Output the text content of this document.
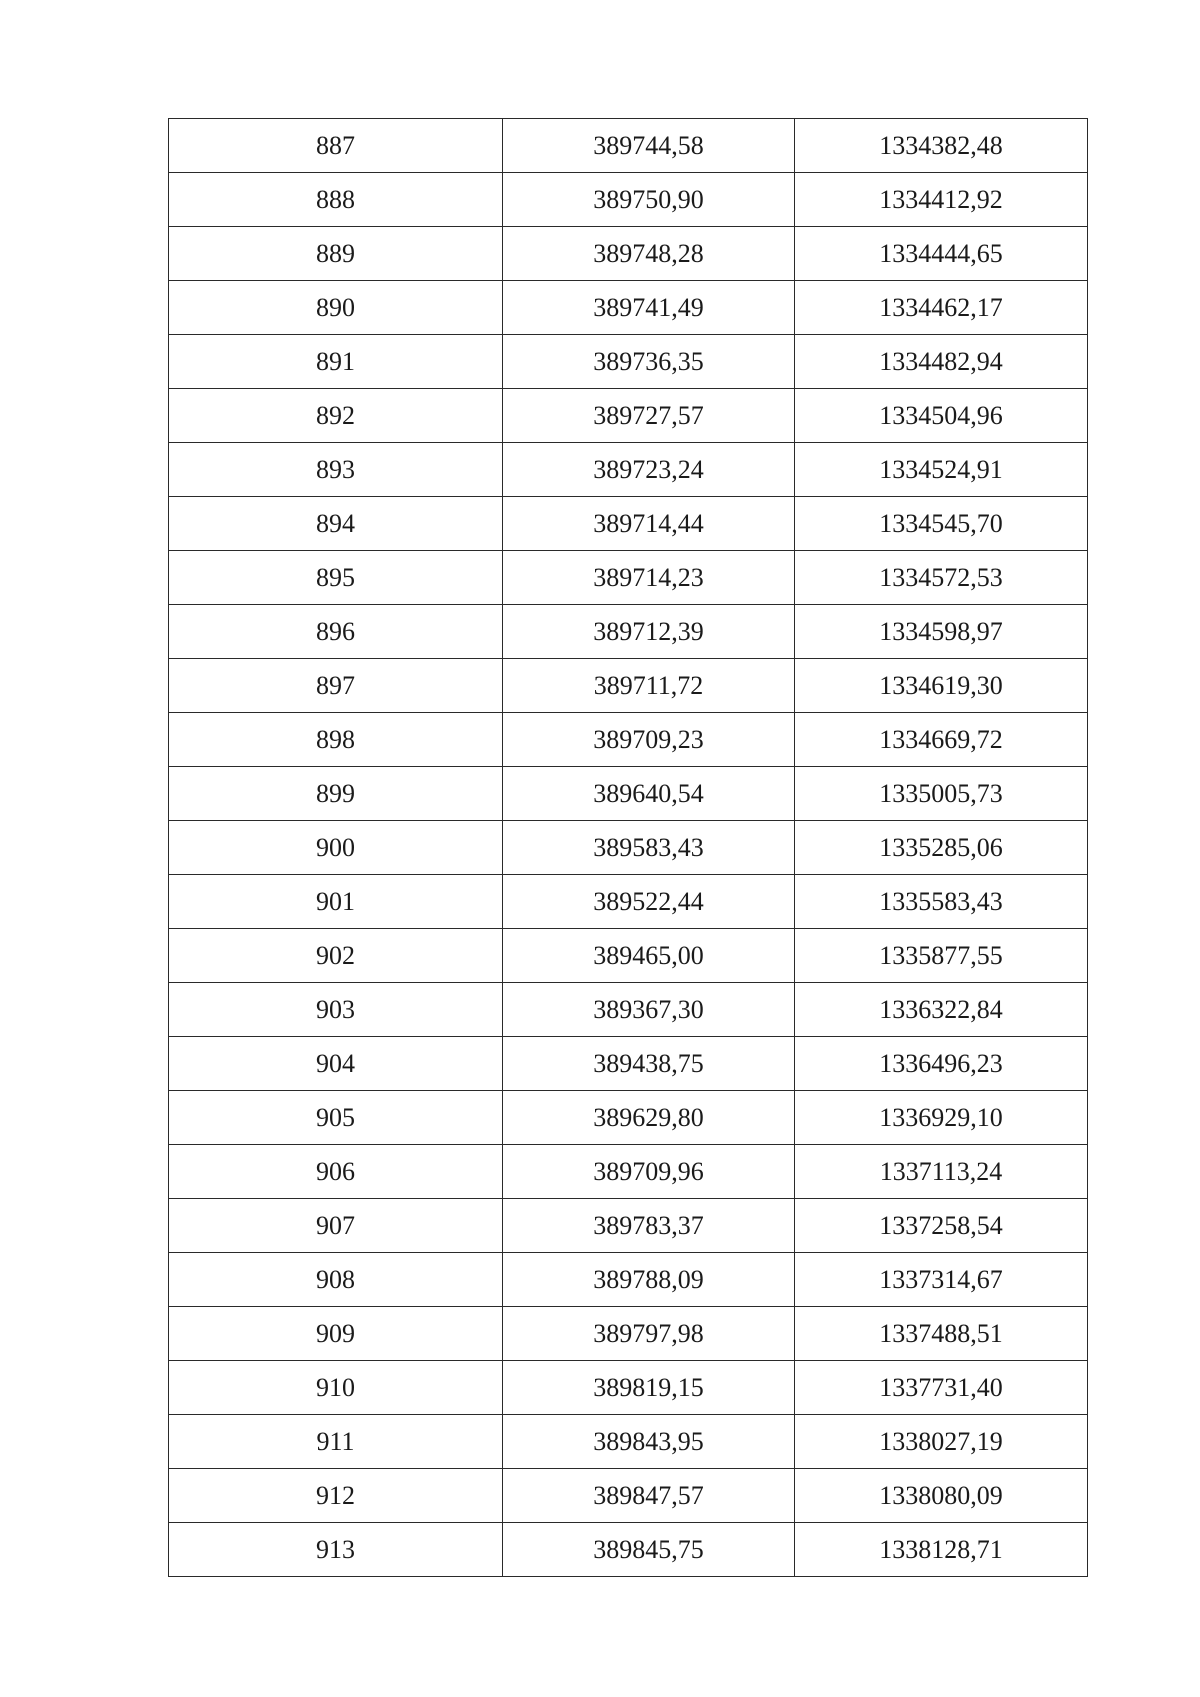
887	389744,58	1334382,48
888	389750,90	1334412,92
889	389748,28	1334444,65
890	389741,49	1334462,17
891	389736,35	1334482,94
892	389727,57	1334504,96
893	389723,24	1334524,91
894	389714,44	1334545,70
895	389714,23	1334572,53
896	389712,39	1334598,97
897	389711,72	1334619,30
898	389709,23	1334669,72
899	389640,54	1335005,73
900	389583,43	1335285,06
901	389522,44	1335583,43
902	389465,00	1335877,55
903	389367,30	1336322,84
904	389438,75	1336496,23
905	389629,80	1336929,10
906	389709,96	1337113,24
907	389783,37	1337258,54
908	389788,09	1337314,67
909	389797,98	1337488,51
910	389819,15	1337731,40
911	389843,95	1338027,19
912	389847,57	1338080,09
913	389845,75	1338128,71
